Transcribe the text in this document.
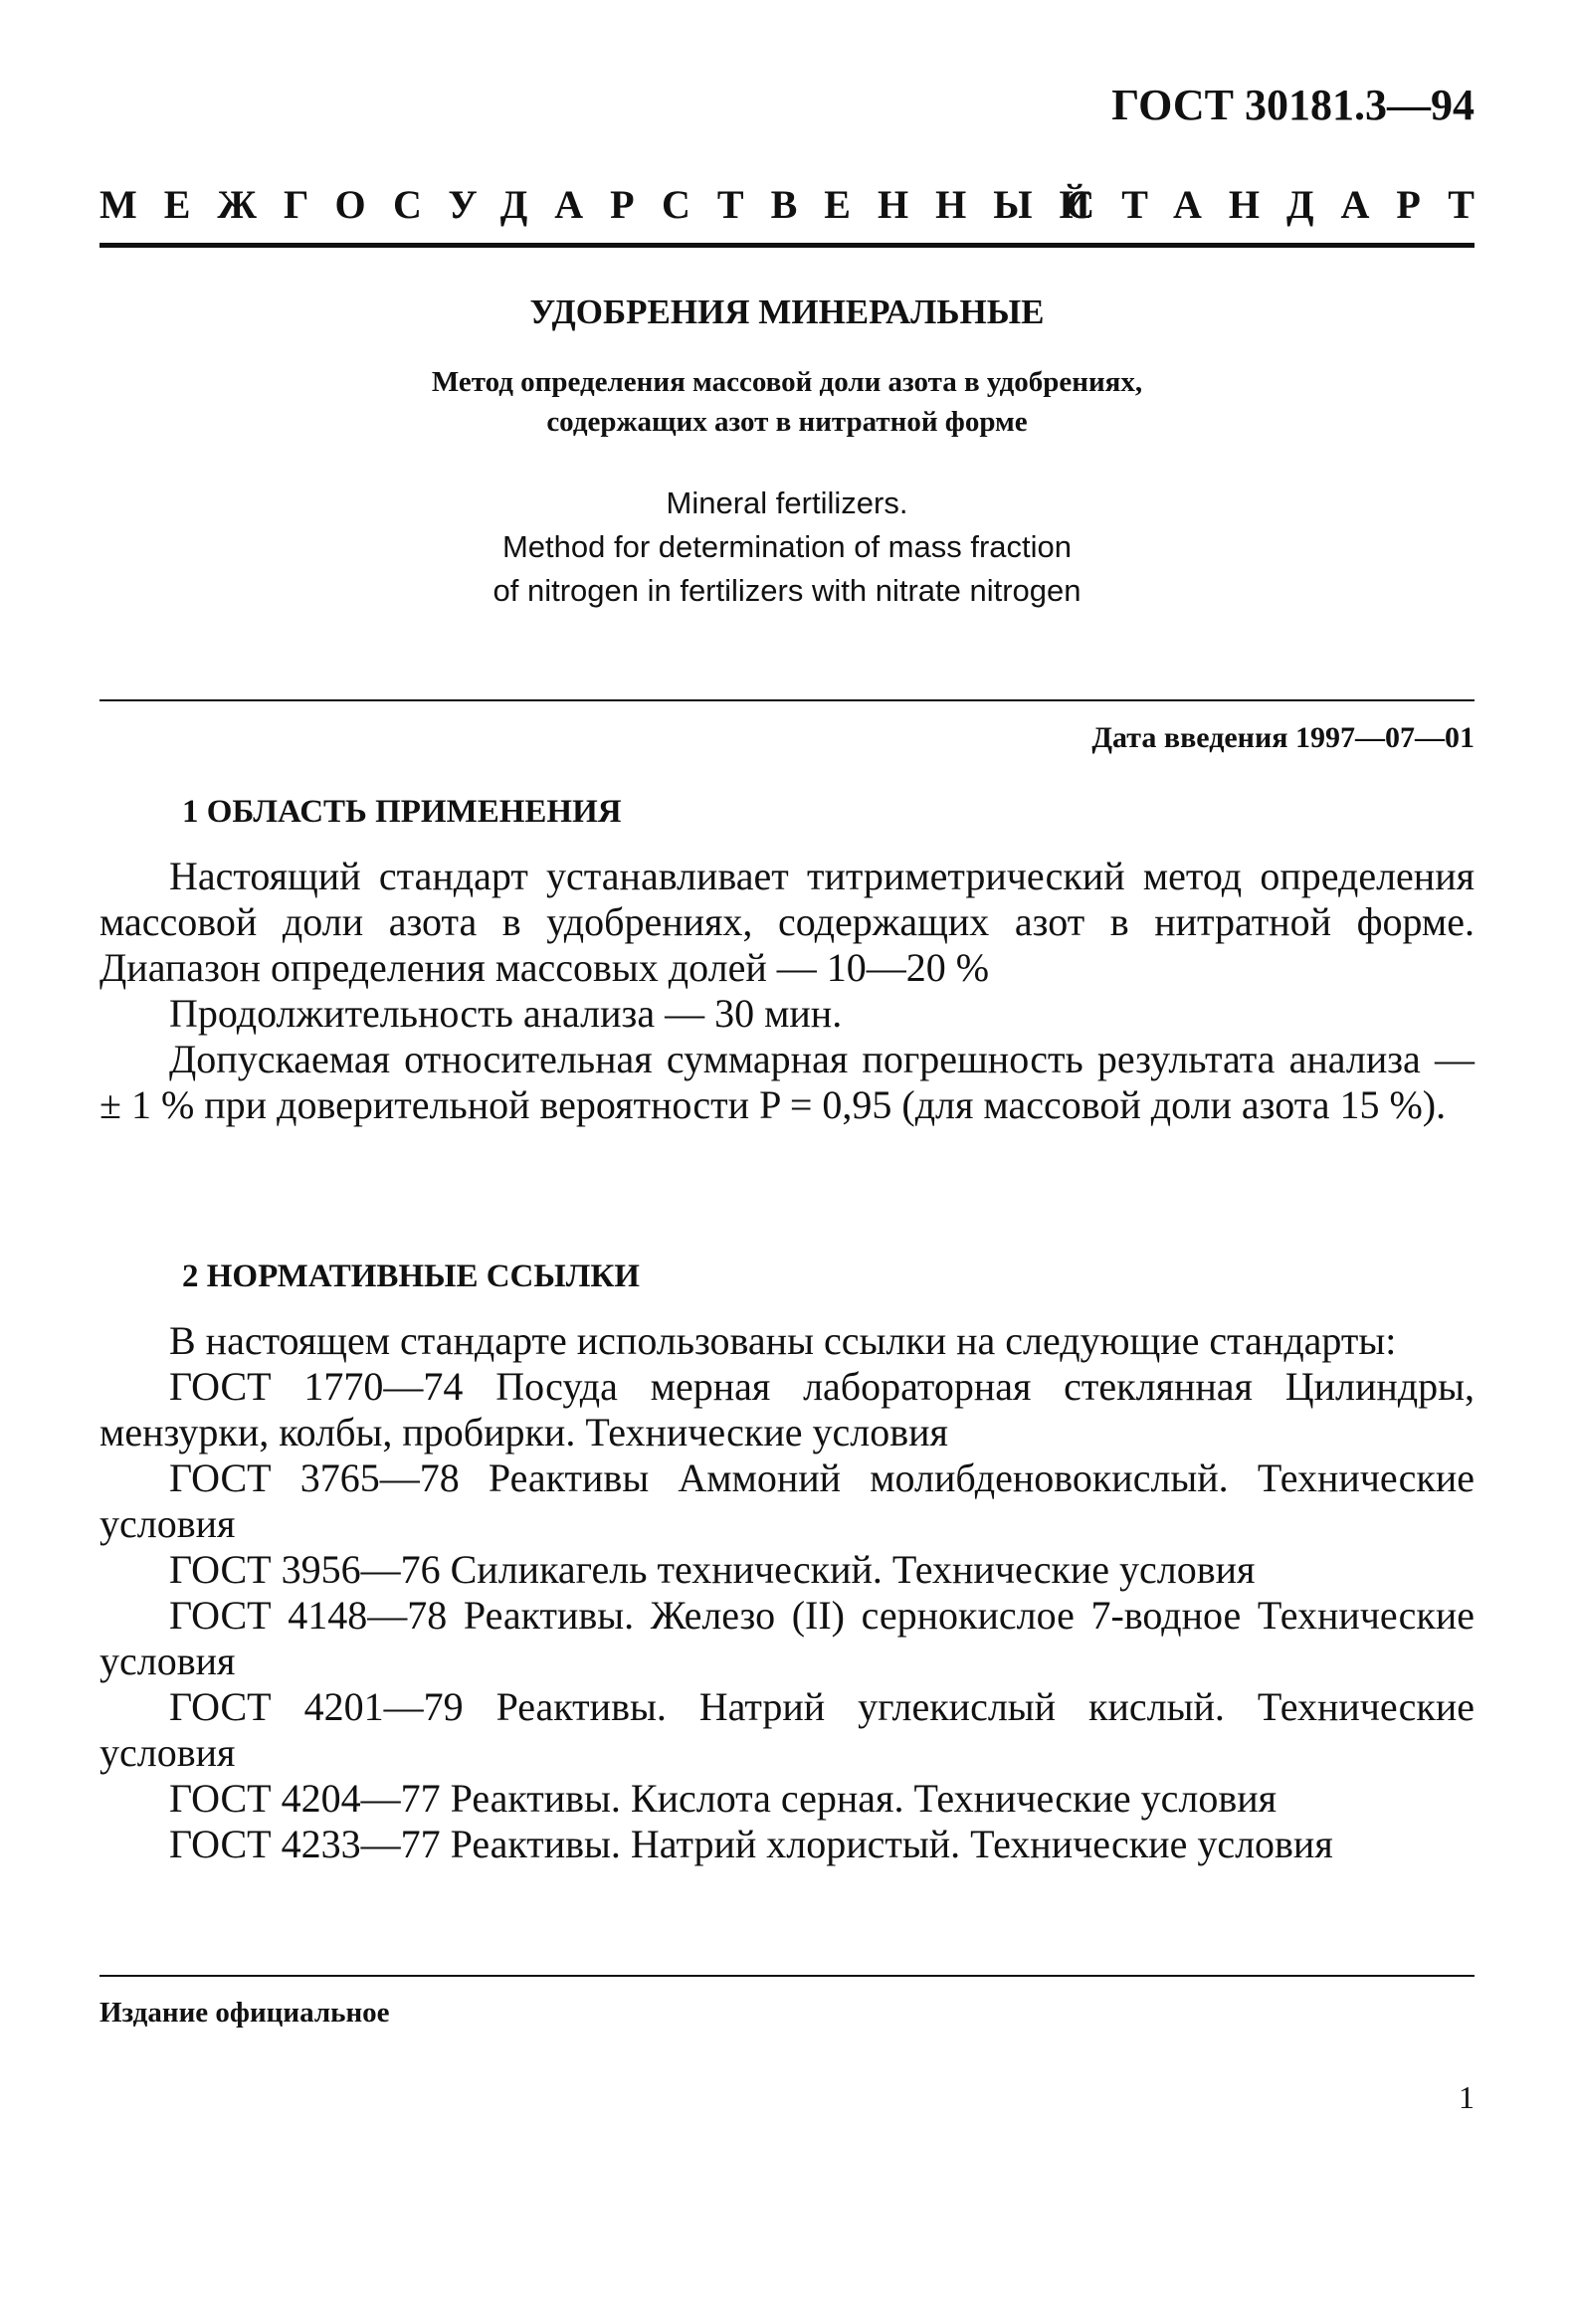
ГОСТ 30181.3—94
МЕЖГОСУДАРСТВЕННЫЙ
СТАНДАРТ
УДОБРЕНИЯ МИНЕРАЛЬНЫЕ
Метод определения массовой доли азота в удобрениях,
содержащих азот в нитратной форме
Mineral fertilizers.
Method for determination of mass fraction
of nitrogen in fertilizers with nitrate nitrogen
Дата введения 1997—07—01
1 ОБЛАСТЬ ПРИМЕНЕНИЯ

Настоящий стандарт устанавливает титриметрический метод определения массовой доли азота в удобрениях, содержащих азот в нитратной форме. Диапазон определения массовых долей — 10—20 %

Продолжительность анализа — 30 мин.

Допускаемая относительная суммарная погрешность результата анализа — ± 1 % при доверительной вероятности P = 0,95 (для массовой доли азота 15 %).

2 НОРМАТИВНЫЕ ССЫЛКИ

В настоящем стандарте использованы ссылки на следующие стандарты:

ГОСТ 1770—74 Посуда мерная лабораторная стеклянная Цилиндры, мензурки, колбы, пробирки. Технические условия

ГОСТ 3765—78 Реактивы Аммоний молибденовокислый. Технические условия

ГОСТ 3956—76 Силикагель технический. Технические условия

ГОСТ 4148—78 Реактивы. Железо (II) сернокислое 7-водное Технические условия

ГОСТ 4201—79 Реактивы. Натрий углекислый кислый. Технические условия

ГОСТ 4204—77 Реактивы. Кислота серная. Технические условия

ГОСТ 4233—77 Реактивы. Натрий хлористый. Технические условия

Издание официальное
1
